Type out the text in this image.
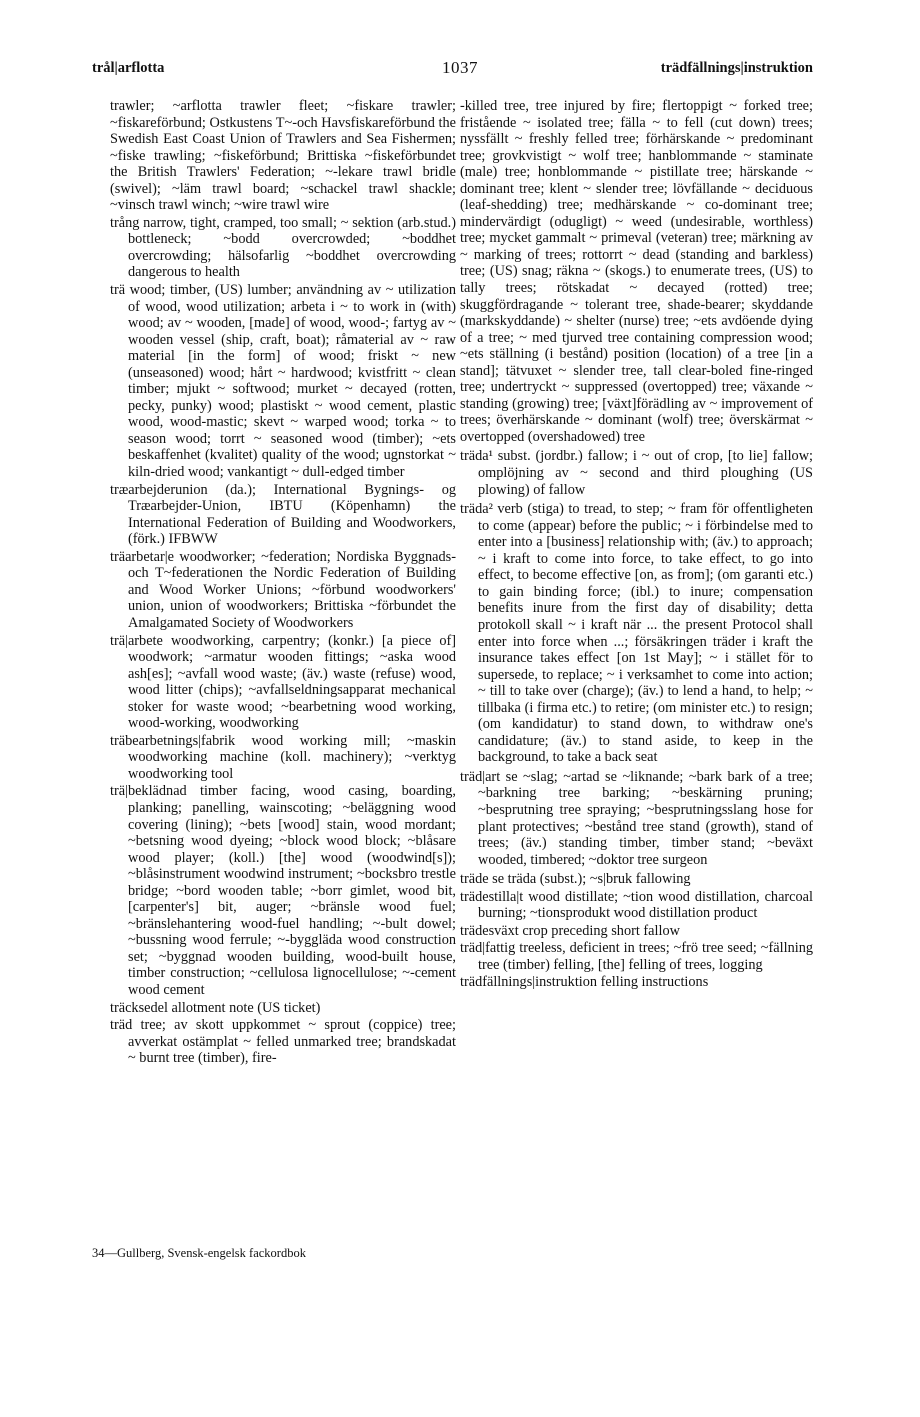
trål|arflotta	1037	trädfällnings|instruktion

trawler; ~arflotta trawler fleet; ~fiskare trawler; ~fiskareförbund; Ostkustens T~-och Havsfiskareförbund the Swedish East Coast Union of Trawlers and Sea Fishermen; ~fiske trawling; ~fiskeförbund; Brittiska ~fiskeförbundet the British Trawlers' Federation; ~-lekare trawl bridle (swivel); ~läm trawl board; ~schackel trawl shackle; ~vinsch trawl winch; ~wire trawl wire

trång narrow, tight, cramped, too small; ~ sektion (arb.stud.) bottleneck; ~bodd overcrowded; ~boddhet overcrowding; hälsofarlig ~boddhet overcrowding dangerous to health

trä wood; timber, (US) lumber; användning av ~ utilization of wood, wood utilization; arbeta i ~ to work in (with) wood; av ~ wooden, [made] of wood, wood-; fartyg av ~ wooden vessel (ship, craft, boat); råmaterial av ~ raw material [in the form] of wood; friskt ~ new (unseasoned) wood; hårt ~ hardwood; kvistfritt ~ clean timber; mjukt ~ softwood; murket ~ decayed (rotten, pecky, punky) wood; plastiskt ~ wood cement, plastic wood, wood-mastic; skevt ~ warped wood; torka ~ to season wood; torrt ~ seasoned wood (timber); ~ets beskaffenhet (kvalitet) quality of the wood; ugnstorkat ~ kiln-dried wood; vankantigt ~ dull-edged timber

træarbejderunion (da.); International Bygnings- og Træarbejder-Union, IBTU (Köpenhamn) the International Federation of Building and Woodworkers, (förk.) IFBWW

träarbetar|e woodworker; ~federation; Nordiska Byggnads- och T~federationen the Nordic Federation of Building and Wood Worker Unions; ~förbund woodworkers' union, union of woodworkers; Brittiska ~förbundet the Amalgamated Society of Woodworkers

trä|arbete woodworking, carpentry; (konkr.) [a piece of] woodwork; ~armatur wooden fittings; ~aska wood ash[es]; ~avfall wood waste; (äv.) waste (refuse) wood, wood litter (chips); ~avfallseldningsapparat mechanical stoker for waste wood; ~bearbetning wood working, wood-working, woodworking

träbearbetnings|fabrik wood working mill; ~maskin woodworking machine (koll. machinery); ~verktyg woodworking tool

trä|beklädnad timber facing, wood casing, boarding, planking; panelling, wainscoting; ~beläggning wood covering (lining); ~bets [wood] stain, wood mordant; ~betsning wood dyeing; ~block wood block; ~blåsare wood player; (koll.) [the] wood (woodwind[s]); ~blåsinstrument woodwind instrument; ~bocksbro trestle bridge; ~bord wooden table; ~borr gimlet, wood bit, [carpenter's] bit, auger; ~bränsle wood fuel; ~bränslehantering wood-fuel handling; ~-bult dowel; ~bussning wood ferrule; ~-byggläda wood construction set; ~byggnad wooden building, wood-built house, timber construction; ~cellulosa lignocellulose; ~-cement wood cement

träcksedel allotment note (US ticket)

träd tree; av skott uppkommet ~ sprout (coppice) tree; avverkat ostämplat ~ felled unmarked tree; brandskadat ~ burnt tree (timber), fire-

-killed tree, tree injured by fire; flertoppigt ~ forked tree; fristående ~ isolated tree; fälla ~ to fell (cut down) trees; nyssfällt ~ freshly felled tree; förhärskande ~ predominant tree; grovkvistigt ~ wolf tree; hanblommande ~ staminate (male) tree; honblommande ~ pistillate tree; härskande ~ dominant tree; klent ~ slender tree; lövfällande ~ deciduous (leaf-shedding) tree; medhärskande ~ co-dominant tree; mindervärdigt (odugligt) ~ weed (undesirable, worthless) tree; mycket gammalt ~ primeval (veteran) tree; märkning av ~ marking of trees; rottorrt ~ dead (standing and barkless) tree; (US) snag; räkna ~ (skogs.) to enumerate trees, (US) to tally trees; rötskadat ~ decayed (rotted) tree; skuggfördragande ~ tolerant tree, shade-bearer; skyddande (markskyddande) ~ shelter (nurse) tree; ~ets avdöende dying of a tree; ~ med tjurved tree containing compression wood; ~ets ställning (i bestånd) position (location) of a tree [in a stand]; tätvuxet ~ slender tree, tall clear-boled fine-ringed tree; undertryckt ~ suppressed (overtopped) tree; växande ~ standing (growing) tree; [växt]förädling av ~ improvement of trees; överhärskande ~ dominant (wolf) tree; överskärmat ~ overtopped (overshadowed) tree

träda¹ subst. (jordbr.) fallow; i ~ out of crop, [to lie] fallow; omplöjning av ~ second and third ploughing (US plowing) of fallow

träda² verb (stiga) to tread, to step; ~ fram för offentligheten to come (appear) before the public; ~ i förbindelse med to enter into a [business] relationship with; (äv.) to approach; ~ i kraft to come into force, to take effect, to go into effect, to become effective [on, as from]; (om garanti etc.) to gain binding force; (ibl.) to inure; compensation benefits inure from the first day of disability; detta protokoll skall ~ i kraft när ... the present Protocol shall enter into force when ...; försäkringen träder i kraft the insurance takes effect [on 1st May]; ~ i stället för to supersede, to replace; ~ i verksamhet to come into action; ~ till to take over (charge); (äv.) to lend a hand, to help; ~ tillbaka (i firma etc.) to retire; (om minister etc.) to resign; (om kandidatur) to stand down, to withdraw one's candidature; (äv.) to stand aside, to keep in the background, to take a back seat

träd|art se ~slag; ~artad se ~liknande; ~bark bark of a tree; ~barkning tree barking; ~beskärning pruning; ~besprutning tree spraying; ~besprutningsslang hose for plant protectives; ~bestånd tree stand (growth), stand of trees; (äv.) standing timber, timber stand; ~beväxt wooded, timbered; ~doktor tree surgeon

träde se träda (subst.); ~s|bruk fallowing

trädestilla|t wood distillate; ~tion wood distillation, charcoal burning; ~tionsprodukt wood distillation product

trädesväxt crop preceding short fallow

träd|fattig treeless, deficient in trees; ~frö tree seed; ~fällning tree (timber) felling, [the] felling of trees, logging

trädfällnings|instruktion felling instructions

34—Gullberg, Svensk-engelsk fackordbok
